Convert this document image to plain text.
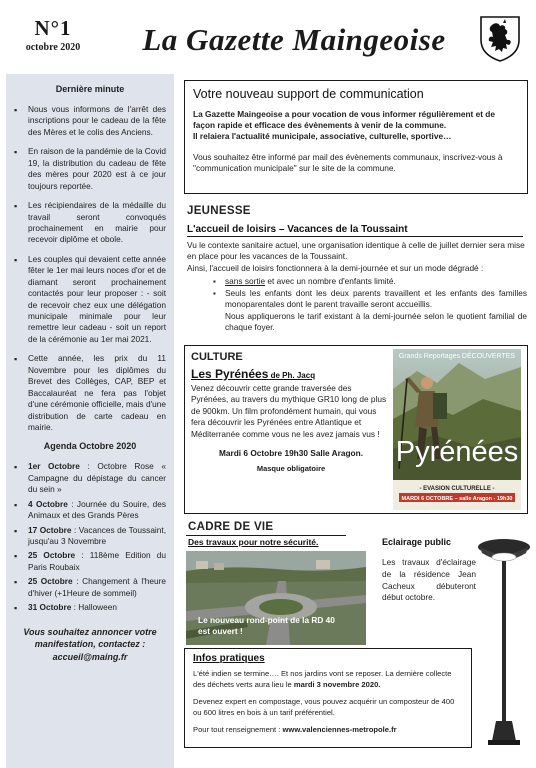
N°1
octobre 2020	La Gazette Maingeoise
Dernière minute
▪ Nous vous informons de l'arrêt des inscriptions pour le cadeau de la fête des Mères et le colis des Anciens.
▪ En raison de la pandémie de la Covid 19, la distribution du cadeau de fête des mères pour 2020 est à ce jour toujours reportée.
▪ Les récipiendaires de la médaille du travail seront convoqués prochainement en mairie pour recevoir diplôme et obole.
▪ Les couples qui devaient cette année fêter le 1er mai leurs noces d'or et de diamant seront prochainement contactés pour leur proposer : - soit de recevoir chez eux une délégation municipale minimale pour leur remettre leur cadeau - soit un report de la cérémonie au 1er mai 2021.
▪ Cette année, les prix du 11 Novembre pour les diplômes du Brevet des Collèges, CAP, BEP et Baccalauréat ne fera pas l'objet d'une cérémonie officielle, mais d'une distribution de carte cadeau en mairie.
Agenda Octobre 2020
▪ 1er Octobre : Octobre Rose « Campagne du dépistage du cancer du sein »
▪ 4 Octobre : Journée du Souire, des Animaux et des Grands Pères
▪ 17 Octobre : Vacances de Toussaint, jusqu'au 3 Novembre
▪ 25 Octobre : 118ème Edition du Paris Roubaix
▪ 25 Octobre : Changement à l'heure d'hiver (+1Heure de sommeil)
▪ 31 Octobre : Halloween
Vous souhaitez annoncer votre manifestation, contactez :
accueil@maing.fr
Votre nouveau support de communication

La Gazette Maingeoise a pour vocation de vous informer régulièrement et de façon rapide et efficace des évènements à venir de la commune.

Il relaiera l'actualité municipale, associative, culturelle, sportive…

Vous souhaitez être informé par mail des évènements communaux, inscrivez-vous à "communication municipale" sur le site de la commune.

JEUNESSE
L'accueil de loisirs – Vacances de la Toussaint
Vu le contexte sanitaire actuel, une organisation identique à celle de juillet dernier sera mise en place pour les vacances de la Toussaint.
Ainsi, l'accueil de loisirs fonctionnera à la demi-journée et sur un mode dégradé :
▪ sans sortie et avec un nombre d'enfants limité.
▪ Seuls les enfants dont les deux parents travaillent et les enfants des familles monoparentales dont le parent travaille seront accueillis.
Nous appliquerons le tarif existant à la demi-journée selon le quotient familial de chaque foyer.
CULTURE
Les Pyrénées de Ph. Jacq

Venez découvrir cette grande traversée des Pyrénées, au travers du mythique GR10 long de plus de 900km. Un film profondément humain, qui vous fera découvrir les Pyrénées entre Atlantique et Méditerranée comme vous ne les avez jamais vus !

Mardi 6 Octobre 19h30 Salle Aragon.
Masque obligatoire
Grands Reportages DÉCOUVERTES
Pyrénées
- EVASION CULTURELLE -
MARDI 6 OCTOBRE – salle Aragon - 19h30
CADRE DE VIE
Des travaux pour notre sécurité.
Le nouveau rond-point de la RD 40
est ouvert !
Eclairage public
Les travaux d'éclairage de la résidence Jean Cacheux débuteront début octobre.
Infos pratiques

L'été indien se termine…. Et nos jardins vont se reposer. La dernière collecte des déchets verts aura lieu le mardi 3 novembre 2020.

Devenez expert en compostage, vous pouvez acquérir un composteur de 400 ou 600 litres en bois à un tarif préférentiel.

Pour tout renseignement : www.valenciennes-metropole.fr
